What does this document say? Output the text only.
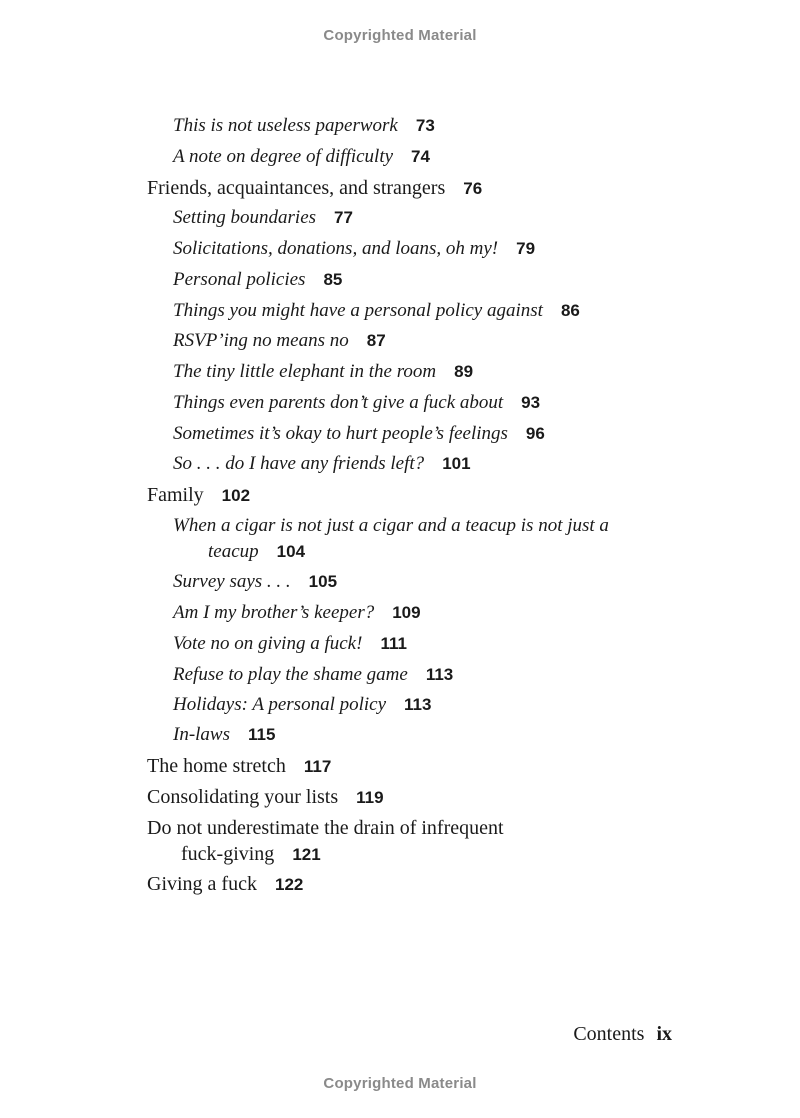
Copyrighted Material
This is not useless paperwork 73
A note on degree of difficulty 74
Friends, acquaintances, and strangers 76
Setting boundaries 77
Solicitations, donations, and loans, oh my! 79
Personal policies 85
Things you might have a personal policy against 86
RSVP’ing no means no 87
The tiny little elephant in the room 89
Things even parents don’t give a fuck about 93
Sometimes it’s okay to hurt people’s feelings 96
So . . . do I have any friends left? 101
Family 102
When a cigar is not just a cigar and a teacup is not just a
teacup 104
Survey says . . . 105
Am I my brother’s keeper? 109
Vote no on giving a fuck! 111
Refuse to play the shame game 113
Holidays: A personal policy 113
In-laws 115
The home stretch 117
Consolidating your lists 119
Do not underestimate the drain of infrequent
fuck-giving 121
Giving a fuck 122
Contents ix
Copyrighted Material
